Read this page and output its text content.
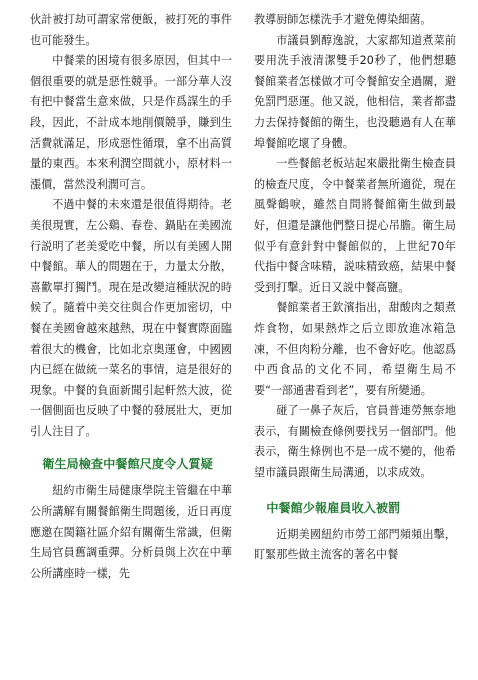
伙計被打劫可謂家常便飯，被打死的事件也可能發生。

中餐業的困境有很多原因，但其中一個很重要的就是惡性競爭。一部分華人沒有把中餐當生意來做，只是作爲謀生的手段，因此，不計成本地削價競爭，賺到生活費就滿足，形成惡性循環，拿不出高質量的東西。本來利潤空間就小，原材料一漲價，當然没利潤可言。

不過中餐的未來還是很值得期待。老美很現實，左公鷄、春卷、鍋貼在美國流行説明了老美愛吃中餐，所以有美國人開中餐館。華人的問題在于，力量太分散，喜歡單打獨鬥。現在是改變這種狀況的時候了。隨着中美交往與合作更加密切，中餐在美國會越來越熱，現在中餐實際面臨着很大的機會，比如北京奥運會，中國國内已經在做統一菜名的事情，這是很好的現象。中餐的負面新聞引起軒然大波，從一個側面也反映了中餐的發展壯大，更加引人注目了。

衛生局檢查中餐館尺度令人質疑

紐約市衛生局健康學院主管繼在中華公所講解有關餐館衛生問題後，近日再度應邀在閩籍社區介紹有關衛生常識，但衛生局官員舊調重彈。分析員與上次在中華公所講座時一樣，先

教導厨師怎樣洗手才避免傳染細菌。

市議員劉醇逸說，大家都知道煮菜前要用洗手液清潔雙手20秒了，他們想聽餐館業者怎樣做才可令餐館安全過關，避免罰門惡運。他又説，他相信，業者都盡力去保持餐館的衛生，也没聽過有人在華埠餐館吃壞了身體。

一些餐館老板站起來嚴批衛生檢查員的檢查尺度，令中餐業者無所適從，現在風聲鶴唳，雖然自問將餐館衛生做到最好，但還是讓他們整日提心吊膽。衛生局似乎有意針對中餐館似的，上世紀70年代指中餐含味精，説味精致癌，結果中餐受到打擊。近日又説中餐高鹽。

餐館業者王欽濱指出，甜酸肉之類煮炸食物，如果熱炸之后立即放進冰箱急凍，不但肉粉分離，也不會好吃。他認爲中西食品的文化不同，希望衛生局不要“一部通書看到老”，要有所變通。

碰了一鼻子灰后，官員普連勞無奈地表示，有關檢查條例要找另一個部門。他表示，衛生條例也不是一成不變的，他希望市議員跟衛生局溝通，以求成效。

中餐館少報雇員收入被罰

近期美國紐約市勞工部門頻頻出擊，盯緊那些做主流客的著名中餐
